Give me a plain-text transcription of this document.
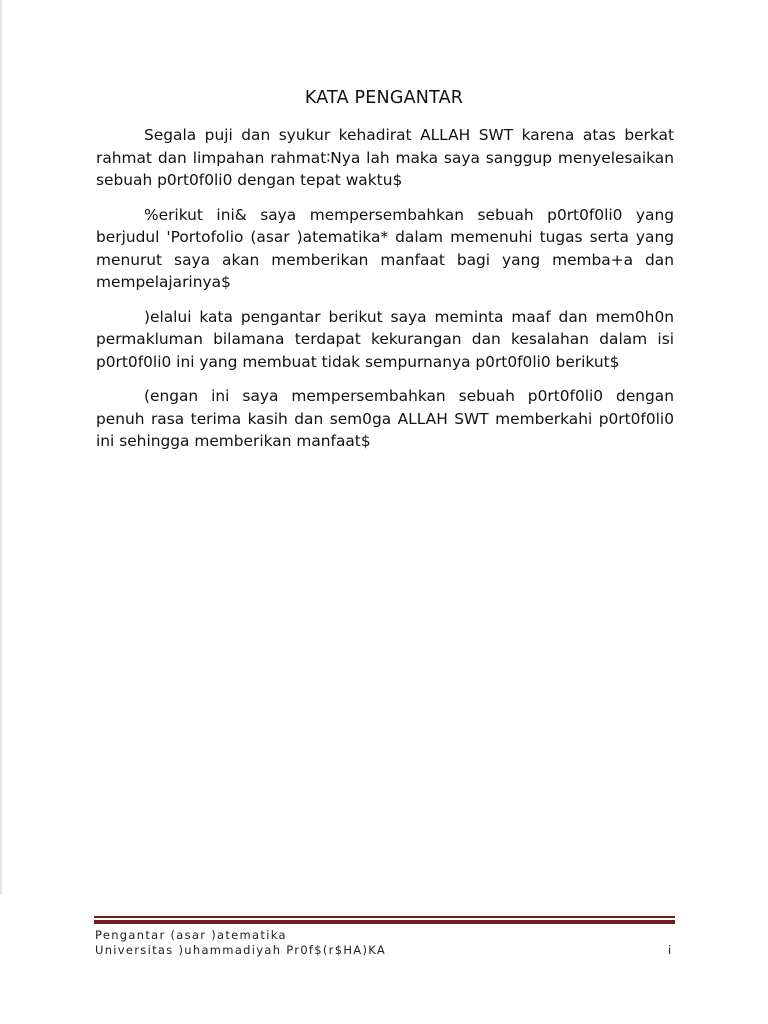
KATA PENGANTAR

Segala puji dan syukur kehadirat ALLAH SWT karena atas berkat rahmat dan limpahan rahmat∶Nya lah maka saya sanggup menyelesaikan sebuah p0rt0f0li0 dengan tepat waktu$

%erikut ini& saya mempersembahkan sebuah p0rt0f0li0 yang berjudul 'Portofolio (asar )atematika* dalam memenuhi tugas serta yang menurut saya akan memberikan manfaat bagi yang memba+a dan mempelajarinya$

)elalui kata pengantar berikut saya meminta maaf dan mem0h0n permakluman bilamana terdapat kekurangan dan kesalahan dalam isi p0rt0f0li0 ini yang membuat tidak sempurnanya p0rt0f0li0 berikut$

(engan ini saya mempersembahkan sebuah p0rt0f0li0 dengan penuh rasa terima kasih dan sem0ga ALLAH SWT memberkahi p0rt0f0li0 ini sehingga memberikan manfaat$

Pengantar (asar )atematika
Universitas )uhammadiyah Pr0f$(r$HA)KA	i
